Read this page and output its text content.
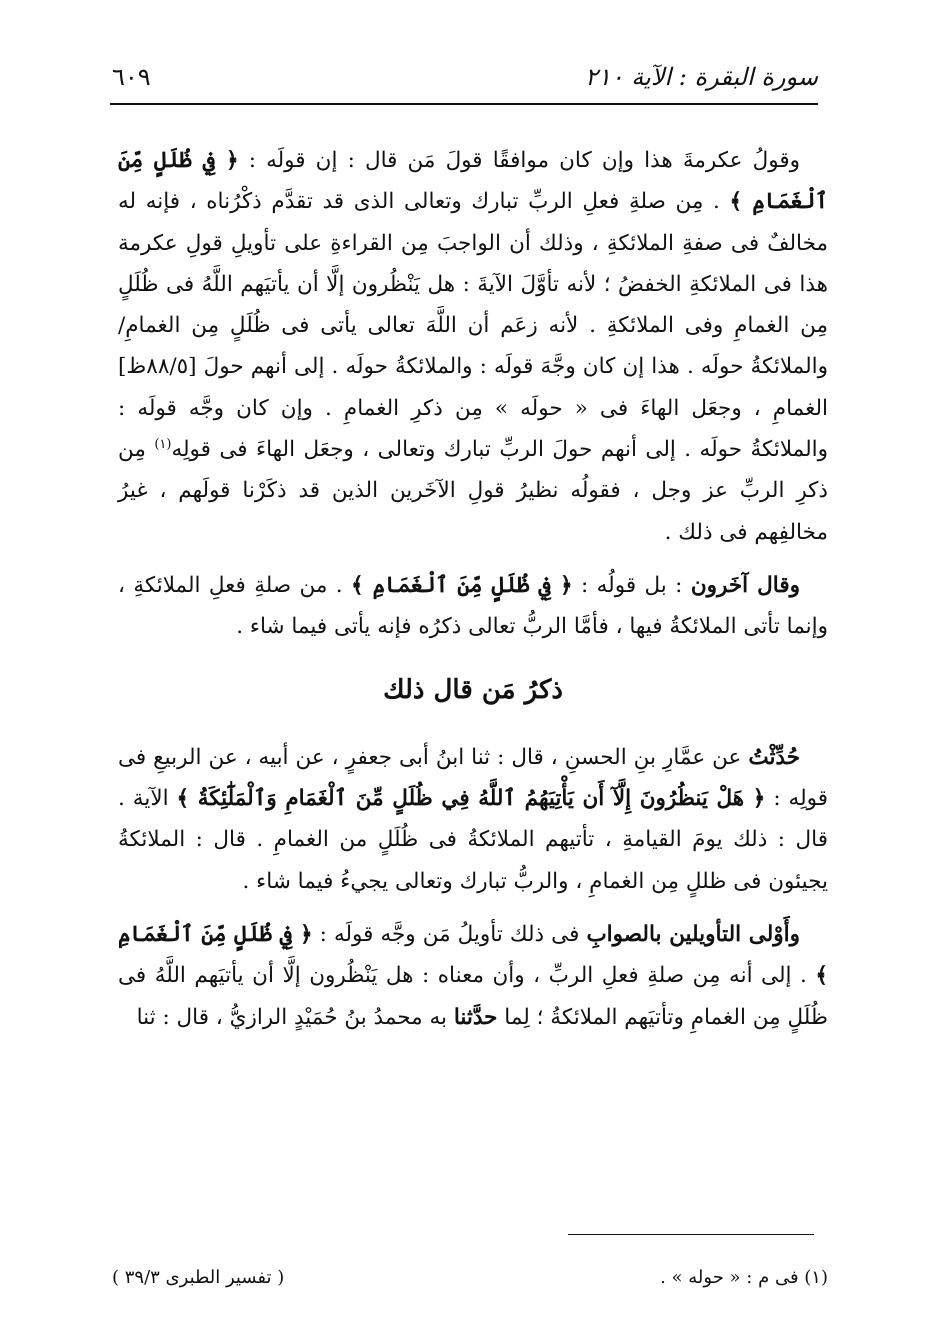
سورة البقرة : الآية ٢١٠
٦٠٩

وقولُ عكرمةَ هذا وإن كان موافقًا قولَ مَن قال : إن قولَه : ﴿ فِي ظُلَلٍ مِّنَ ٱلْغَمَامِ ﴾ . مِن صلةِ فعلِ الربِّ تبارك وتعالى الذى قد تقدَّم ذكْرُناه ، فإنه له مخالفٌ فى صفةِ الملائكةِ ، وذلك أن الواجبَ مِن القراءةِ على تأويلِ قولِ عكرمة هذا فى الملائكةِ الخفضُ ؛ لأنه تأوَّلَ الآيةَ : هل يَنْظُرون إلَّا أن يأتيَهم اللَّهُ فى ظُلَلٍ مِن الغمامِ وفى الملائكةِ . لأنه زعَم أن اللَّهَ تعالى يأتى فى ظُلَلٍ مِن الغمامِ/ والملائكةُ حولَه . هذا إن كان وجَّهَ قولَه : والملائكةُ حولَه . إلى أنهم حولَ [٨٨/٥ظ] الغمامِ ، وجعَل الهاءَ فى « حولَه » مِن ذكرِ الغمامِ . وإن كان وجَّه قولَه : والملائكةُ حولَه . إلى أنهم حولَ الربِّ تبارك وتعالى ، وجعَل الهاءَ فى قولِه$^{(١)}$ مِن ذكرِ الربِّ عز وجل ، فقولُه نظيرُ قولِ الآخَرين الذين قد ذكَرْنا قولَهم ، غيرُ مخالفِهم فى ذلك .

وقال آخَرون : بل قولُه : ﴿ فِي ظُلَلٍ مِّنَ ٱلْغَمَامِ ﴾ . من صلةِ فعلِ الملائكةِ ، وإنما تأتى الملائكةُ فيها ، فأمَّا الربُّ تعالى ذكرُه فإنه يأتى فيما شاء .

ذكرُ مَن قال ذلك

حُدِّثْتُ عن عمَّارِ بنِ الحسنِ ، قال : ثنا ابنُ أبى جعفرٍ ، عن أبيه ، عن الربيعِ فى قولِه : ﴿ هَلْ يَنظُرُونَ إِلَّآ أَن يَأْتِيَهُمُ ٱللَّهُ فِي ظُلَلٍ مِّنَ ٱلْغَمَامِ وَٱلْمَلَٰٓئِكَةُ ﴾ الآية . قال : ذلك يومَ القيامةِ ، تأتيهم الملائكةُ فى ظُلَلٍ من الغمامِ . قال : الملائكةُ يجيئون فى ظللٍ مِن الغمامِ ، والربُّ تبارك وتعالى يجيءُ فيما شاء .

وأَوْلى التأويلين بالصوابِ فى ذلك تأويلُ مَن وجَّه قولَه : ﴿ فِي ظُلَلٍ مِّنَ ٱلْغَمَامِ ﴾ . إلى أنه مِن صلةِ فعلِ الربِّ ، وأن معناه : هل يَنْظُرون إلَّا أن يأتيَهم اللَّهُ فى ظُلَلٍ مِن الغمامِ وتأتيَهم الملائكةُ ؛ لِما حدَّثنا به محمدُ بنُ حُمَيْدٍ الرازيُّ ، قال : ثنا

(١) فى م : « حوله » .
( تفسير الطبرى ٣٩/٣ )
